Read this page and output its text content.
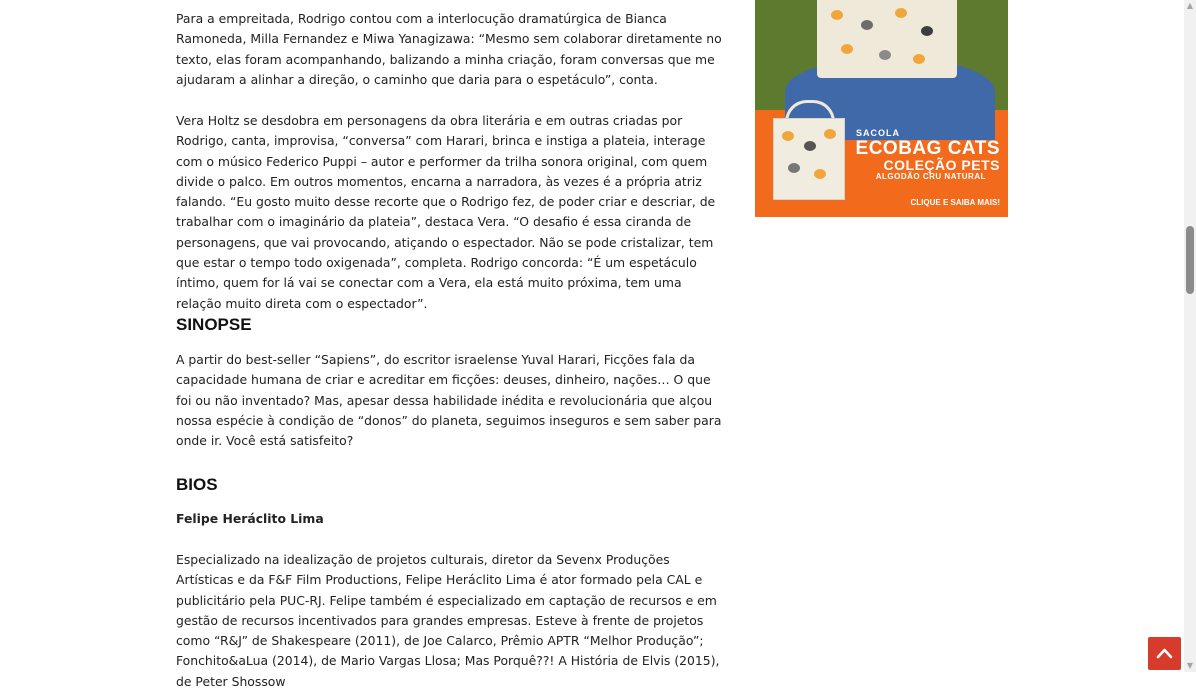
Para a empreitada, Rodrigo contou com a interlocução dramatúrgica de Bianca Ramoneda, Milla Fernandez e Miwa Yanagizawa: “Mesmo sem colaborar diretamente no texto, elas foram acompanhando, balizando a minha criação, foram conversas que me ajudaram a alinhar a direção, o caminho que daria para o espetáculo”, conta.

Vera Holtz se desdobra em personagens da obra literária e em outras criadas por Rodrigo, canta, improvisa, “conversa” com Harari, brinca e instiga a plateia, interage com o músico Federico Puppi – autor e performer da trilha sonora original, com quem divide o palco. Em outros momentos, encarna a narradora, às vezes é a própria atriz falando. “Eu gosto muito desse recorte que o Rodrigo fez, de poder criar e descriar, de trabalhar com o imaginário da plateia”, destaca Vera. “O desafio é essa ciranda de personagens, que vai provocando, atiçando o espectador. Não se pode cristalizar, tem que estar o tempo todo oxigenada”, completa. Rodrigo concorda: “É um espetáculo íntimo, quem for lá vai se conectar com a Vera, ela está muito próxima, tem uma relação muito direta com o espectador”.

SINOPSE

A partir do best-seller “Sapiens”, do escritor israelense Yuval Harari, Ficções fala da capacidade humana de criar e acreditar em ficções: deuses, dinheiro, nações… O que foi ou não inventado? Mas, apesar dessa habilidade inédita e revolucionária que alçou nossa espécie à condição de “donos” do planeta, seguimos inseguros e sem saber para onde ir. Você está satisfeito?

BIOS

Felipe Heráclito Lima

Especializado na idealização de projetos culturais, diretor da Sevenx Produções Artísticas e da F&F Film Productions, Felipe Heráclito Lima é ator formado pela CAL e publicitário pela PUC-RJ. Felipe também é especializado em captação de recursos e em gestão de recursos incentivados para grandes empresas. Esteve à frente de projetos como “R&J” de Shakespeare (2011), de Joe Calarco, Prêmio APTR “Melhor Produção”; Fonchito&aLua (2014), de Mario Vargas Llosa; Mas Porquê??! A História de Elvis (2015), de Peter Shossow

SACOLA
ECOBAG CATS
COLEÇÃO PETS
ALGODÃO CRU NATURAL
CLIQUE E SAIBA MAIS!
▲
▼
